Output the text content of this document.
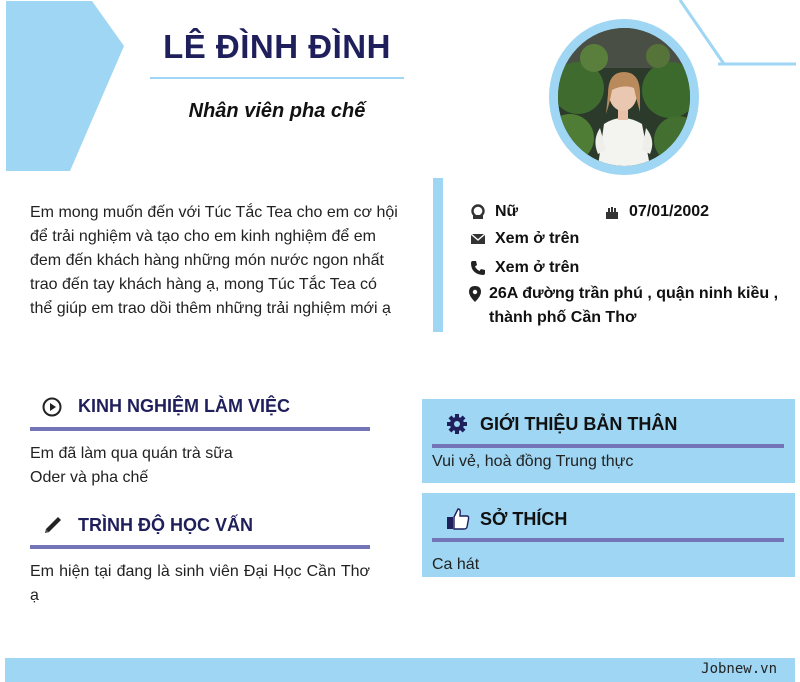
LÊ ĐÌNH ĐÌNH
Nhân viên pha chế
Em mong muốn đến với Túc Tắc Tea cho em cơ hội để trải nghiệm và tạo cho em kinh nghiệm để em đem đến khách hàng những món nước ngon nhất trao đến tay khách hàng ạ, mong Túc Tắc Tea có thể giúp em trao dồi thêm những trải nghiệm mới ạ
Nữ	07/01/2002
Xem ở trên
Xem ở trên
26A đường trần phú , quận ninh kiều , thành phố Cần Thơ
KINH NGHIỆM LÀM VIỆC
Em đã làm qua quán trà sữa
Oder và pha chế
TRÌNH ĐỘ HỌC VẤN
Em hiện tại đang là sinh viên Đại Học Cần Thơ ạ
GIỚI THIỆU BẢN THÂN
Vui vẻ, hoà đồng Trung thực
SỞ THÍCH
Ca hát
Jobnew.vn
